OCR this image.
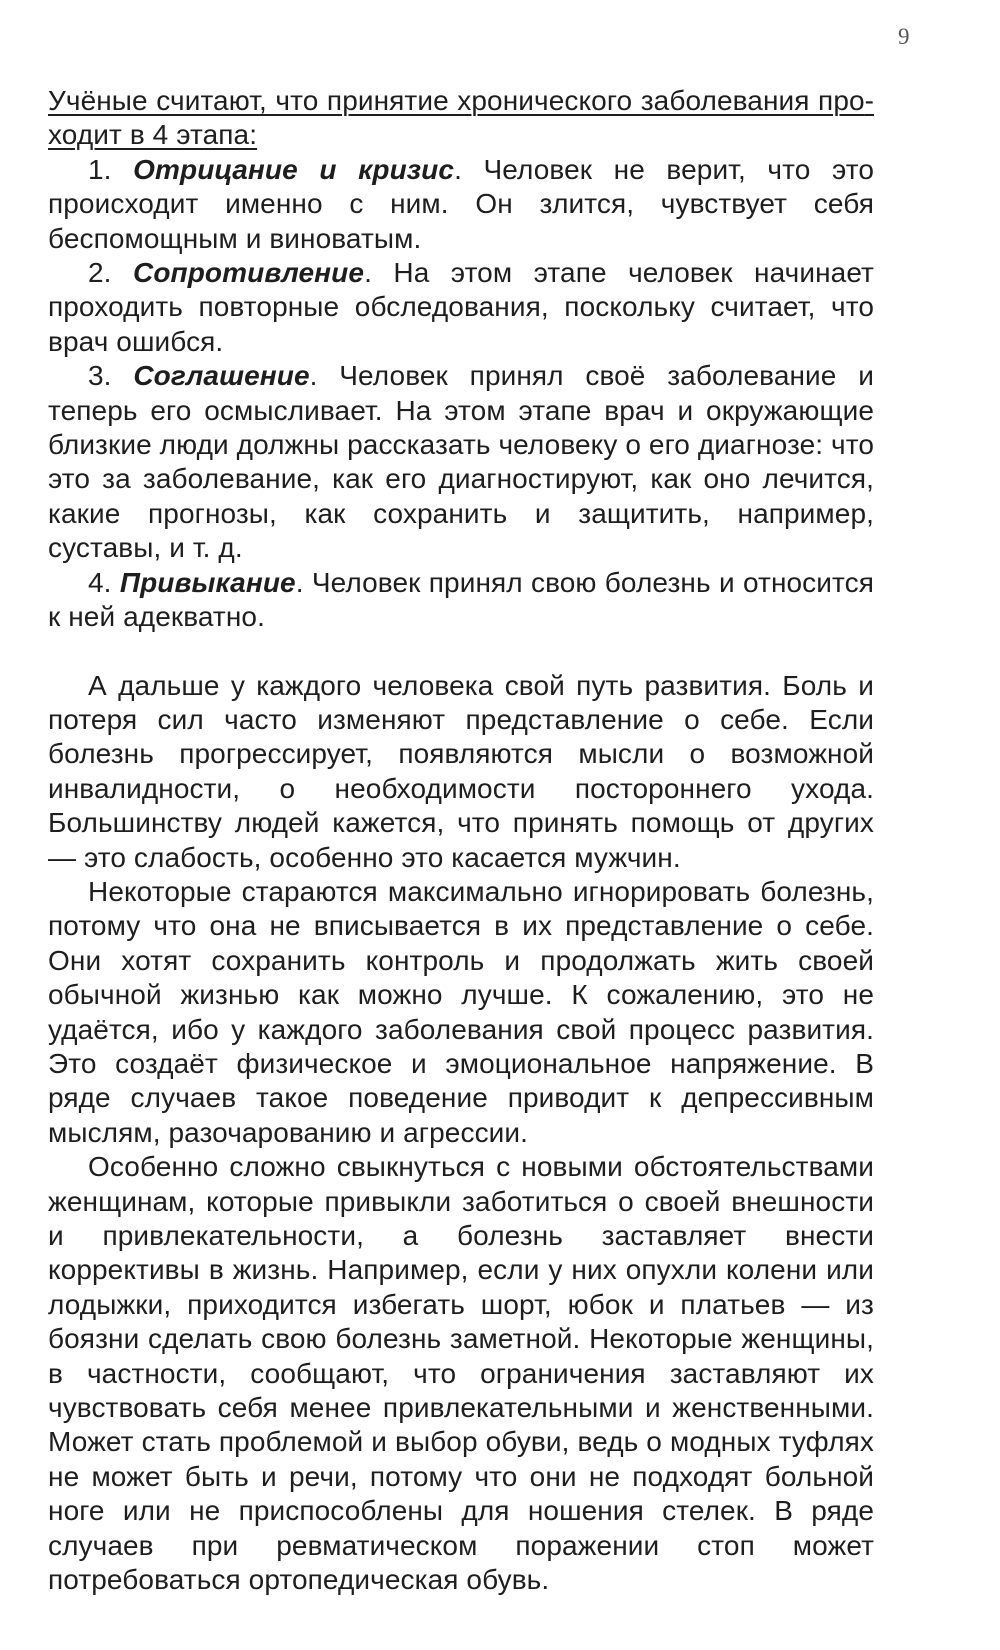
9

Учёные считают, что принятие хронического заболевания проходит в 4 этапа:

1. Отрицание и кризис. Человек не верит, что это происходит именно с ним. Он злится, чувствует себя беспомощным и виноватым.

2. Сопротивление. На этом этапе человек начинает проходить повторные обследования, поскольку считает, что врач ошибся.

3. Соглашение. Человек принял своё заболевание и теперь его осмысливает. На этом этапе врач и окружающие близкие люди должны рассказать человеку о его диагнозе: что это за заболевание, как его диагностируют, как оно лечится, какие прогнозы, как сохранить и защитить, например, суставы, и т. д.

4. Привыкание. Человек принял свою болезнь и относится к ней адекватно.

А дальше у каждого человека свой путь развития. Боль и потеря сил часто изменяют представление о себе. Если болезнь прогрессирует, появляются мысли о возможной инвалидности, о необходимости постороннего ухода. Большинству людей кажется, что принять помощь от других — это слабость, особенно это касается мужчин.

Некоторые стараются максимально игнорировать болезнь, потому что она не вписывается в их представление о себе. Они хотят сохранить контроль и продолжать жить своей обычной жизнью как можно лучше. К сожалению, это не удаётся, ибо у каждого заболевания свой процесс развития. Это создаёт физическое и эмоциональное напряжение. В ряде случаев такое поведение приводит к депрессивным мыслям, разочарованию и агрессии.

Особенно сложно свыкнуться с новыми обстоятельствами женщинам, которые привыкли заботиться о своей внешности и привлекательности, а болезнь заставляет внести коррективы в жизнь. Например, если у них опухли колени или лодыжки, приходится избегать шорт, юбок и платьев — из боязни сделать свою болезнь заметной. Некоторые женщины, в частности, сообщают, что ограничения заставляют их чувствовать себя менее привлекательными и женственными. Может стать проблемой и выбор обуви, ведь о модных туфлях не может быть и речи, потому что они не подходят больной ноге или не приспособлены для ношения стелек. В ряде случаев при ревматическом поражении стоп может потребоваться ортопедическая обувь.
